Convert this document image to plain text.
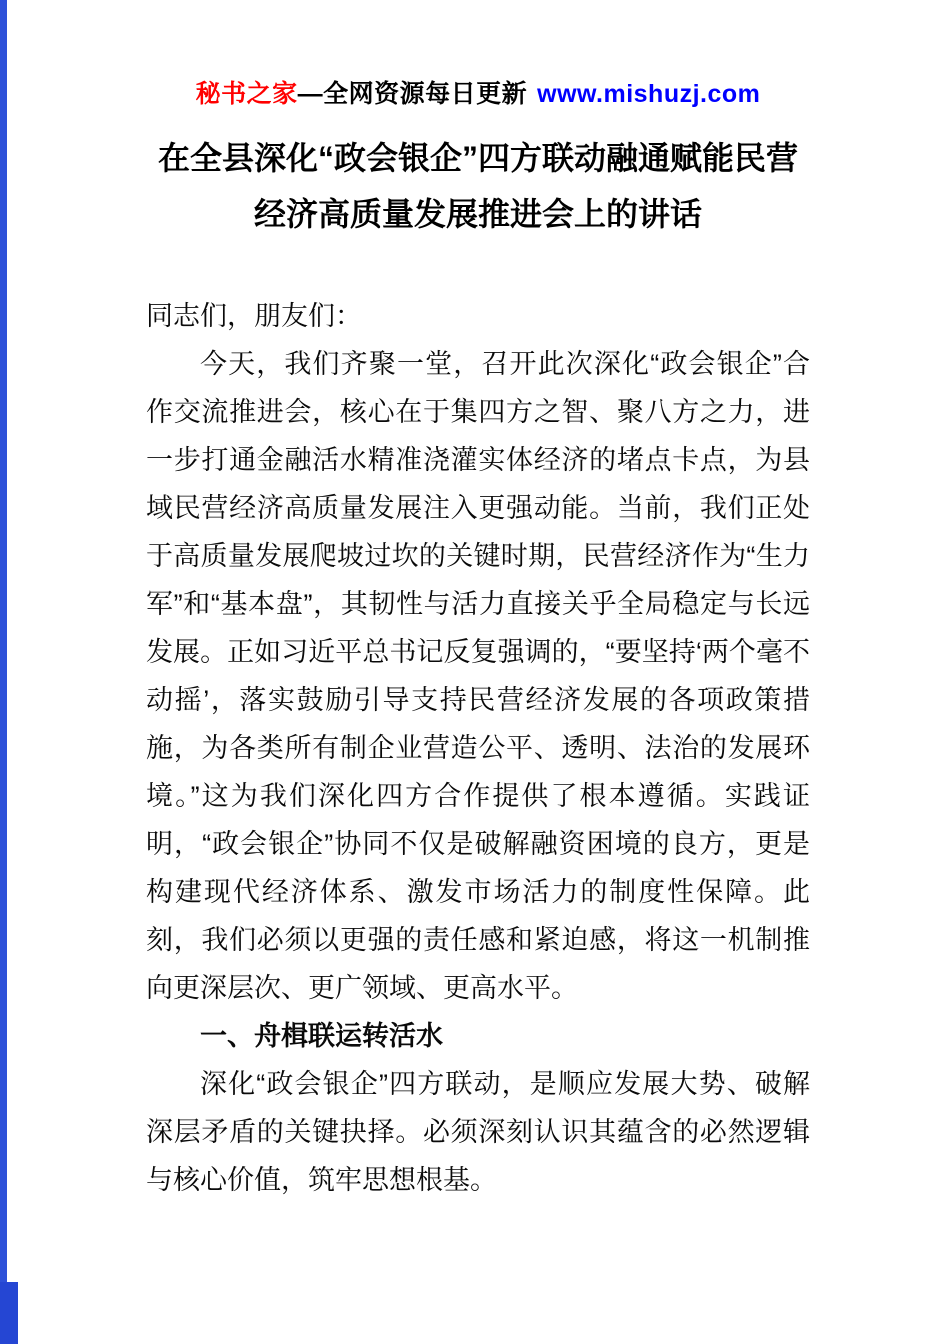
秘书之家—全网资源每日更新 www.mishuzj.com
在全县深化“政会银企”四方联动融通赋能民营经济高质量发展推进会上的讲话

同志们，朋友们：

今天，我们齐聚一堂，召开此次深化“政会银企”合作交流推进会，核心在于集四方之智、聚八方之力，进一步打通金融活水精准浇灌实体经济的堵点卡点，为县域民营经济高质量发展注入更强动能。当前，我们正处于高质量发展爬坡过坎的关键时期，民营经济作为“生力军”和“基本盘”，其韧性与活力直接关乎全局稳定与长远发展。正如习近平总书记反复强调的，“要坚持‘两个毫不动摇’，落实鼓励引导支持民营经济发展的各项政策措施，为各类所有制企业营造公平、透明、法治的发展环境。”这为我们深化四方合作提供了根本遵循。实践证明，“政会银企”协同不仅是破解融资困境的良方，更是构建现代经济体系、激发市场活力的制度性保障。此刻，我们必须以更强的责任感和紧迫感，将这一机制推向更深层次、更广领域、更高水平。

一、舟楫联运转活水

深化“政会银企”四方联动，是顺应发展大势、破解深层矛盾的关键抉择。必须深刻认识其蕴含的必然逻辑与核心价值，筑牢思想根基。
